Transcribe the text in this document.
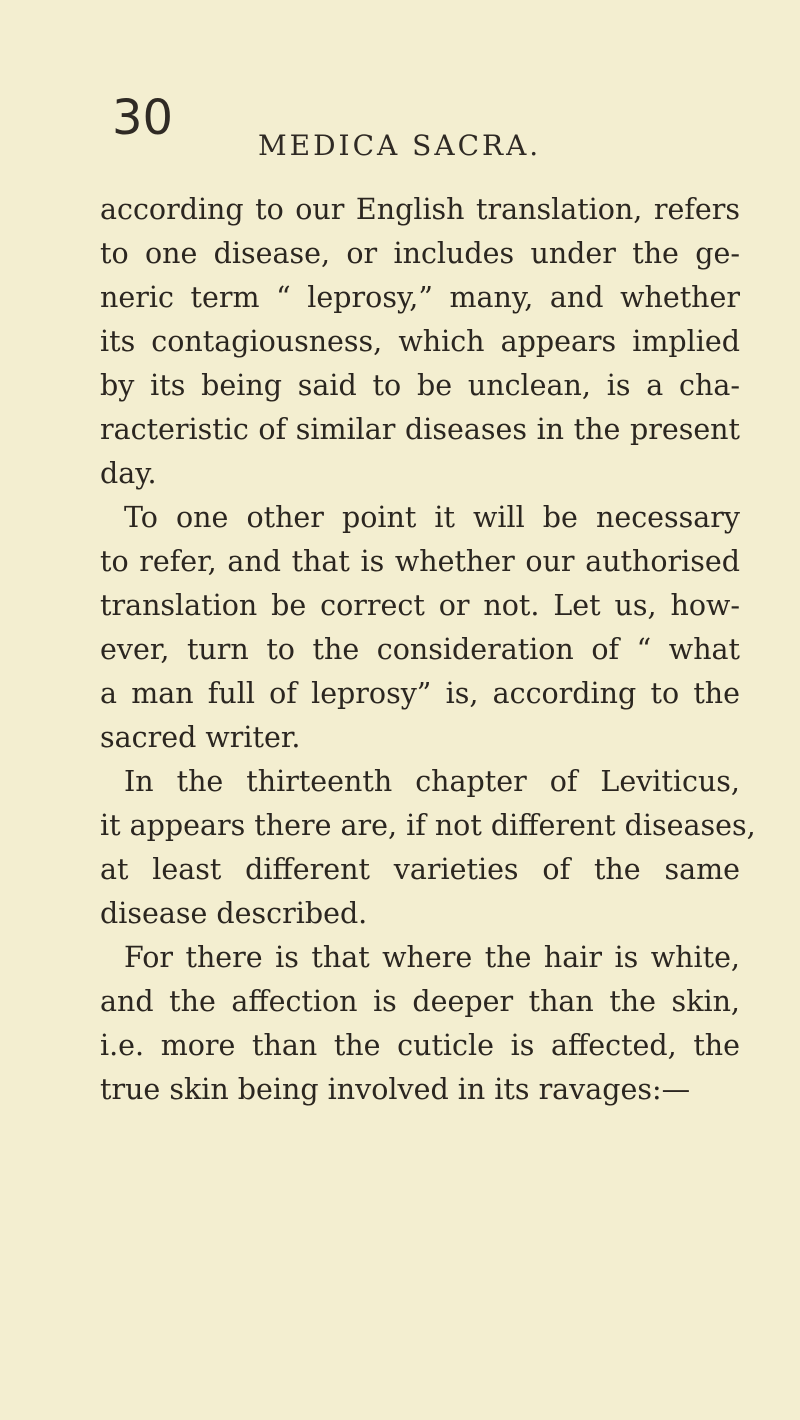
30	MEDICA SACRA.
according to our English translation, refers
to one disease, or includes under the ge-
neric term “ leprosy,” many, and whether
its contagiousness, which appears implied
by its being said to be unclean, is a cha-
racteristic of similar diseases in the present
day.
To one other point it will be necessary
to refer, and that is whether our authorised
translation be correct or not. Let us, how-
ever, turn to the consideration of “ what
a man full of leprosy” is, according to the
sacred writer.
In the thirteenth chapter of Leviticus,
it appears there are, if not different diseases,
at least different varieties of the same
disease described.
For there is that where the hair is white,
and the affection is deeper than the skin,
i.e. more than the cuticle is affected, the
true skin being involved in its ravages:—
